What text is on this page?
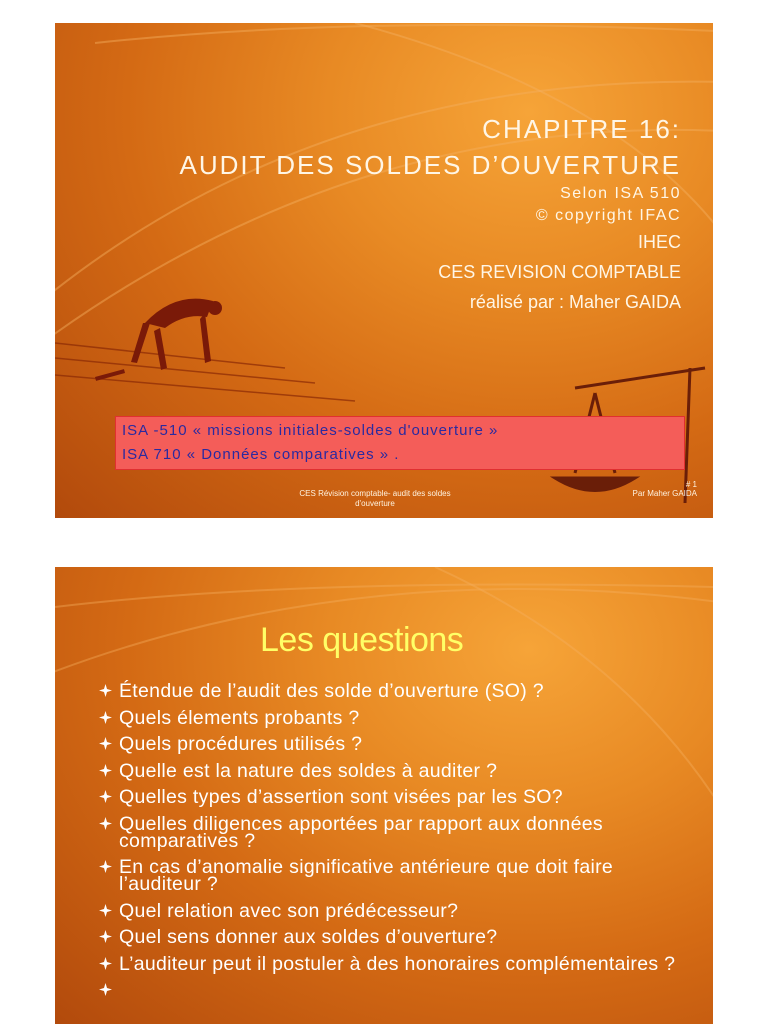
CHAPITRE 16:
AUDIT DES SOLDES D’OUVERTURE
Selon ISA 510
© copyright IFAC
IHEC
CES REVISION COMPTABLE
réalisé par : Maher GAIDA
ISA -510 « missions initiales-soldes d'ouverture »
ISA 710 « Données comparatives » .
CES Révision comptable- audit des soldes
d'ouverture
# 1
Par Maher GAIDA
Les questions
Étendue de l’audit des solde d’ouverture (SO) ?
Quels élements probants ?
Quels procédures utilisés ?
Quelle est la nature des soldes à auditer ?
Quelles types d’assertion sont visées par les SO?
Quelles diligences apportées par rapport aux données comparatives ?
En cas d’anomalie significative antérieure que doit faire l’auditeur ?
Quel relation avec son prédécesseur?
Quel sens donner aux soldes d’ouverture?
L’auditeur peut il postuler à des honoraires complémentaires ?
